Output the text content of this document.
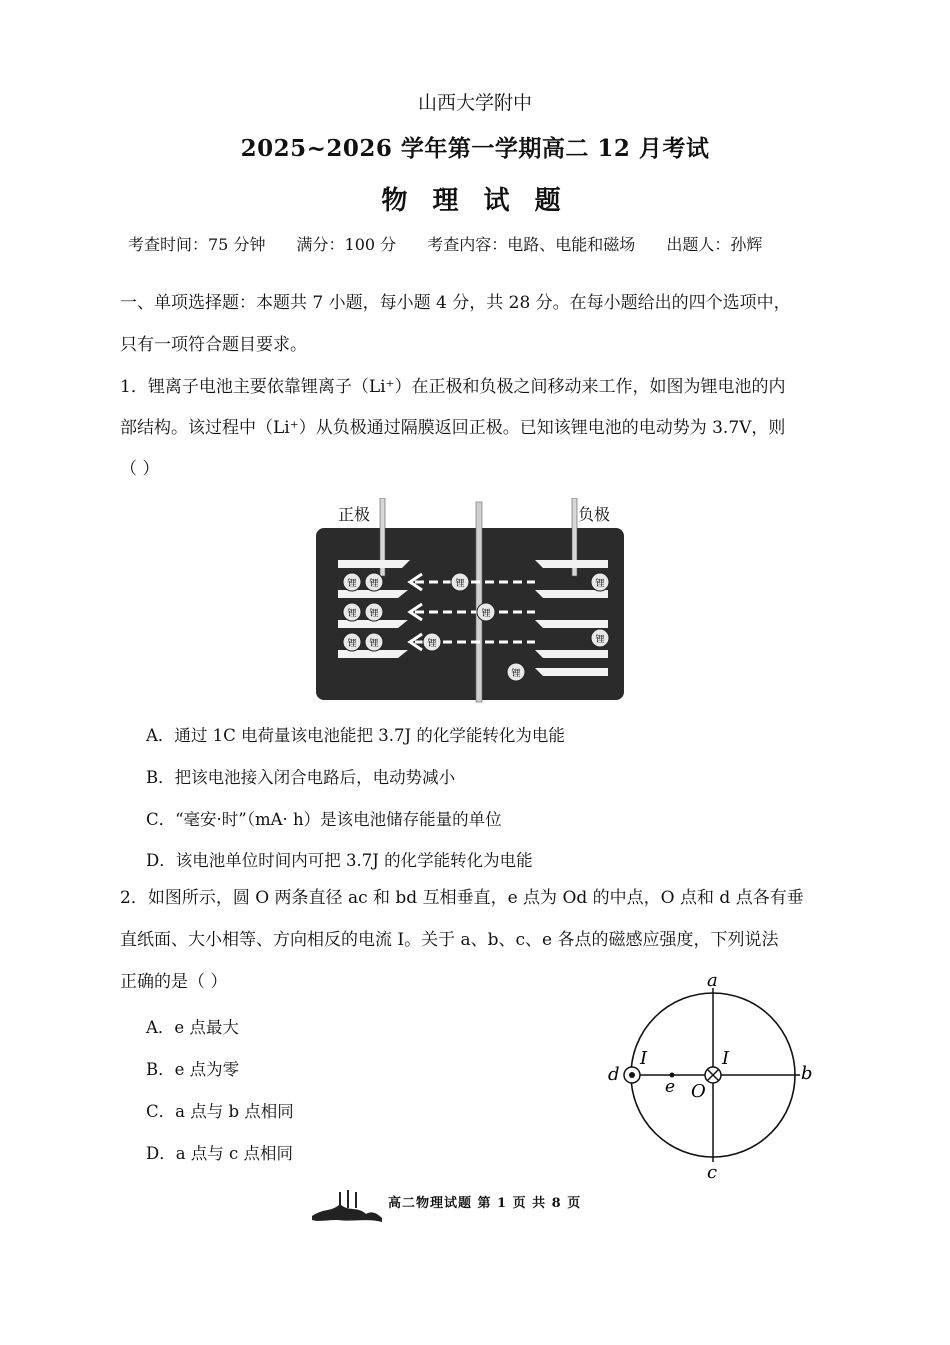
山西大学附中
2025~2026 学年第一学期高二 12 月考试
物 理 试 题
考查时间：75 分钟 满分：100 分 考查内容：电路、电能和磁场 出题人：孙辉
一、单项选择题：本题共 7 小题，每小题 4 分，共 28 分。在每小题给出的四个选项中，
只有一项符合题目要求。
1．锂离子电池主要依靠锂离子（Li⁺）在正极和负极之间移动来工作，如图为锂电池的内
部结构。该过程中（Li⁺）从负极通过隔膜返回正极。已知该锂电池的电动势为 3.7V，则
（ ）
锂 锂
锂 锂
锂 锂
锂
锂
锂
锂
锂
锂
正极	负极
A．通过 1C 电荷量该电池能把 3.7J 的化学能转化为电能
B．把该电池接入闭合电路后，电动势减小
C．“毫安·时”（mA· h）是该电池储存能量的单位
D．该电池单位时间内可把 3.7J 的化学能转化为电能
2．如图所示，圆 O 两条直径 ac 和 bd 互相垂直，e 点为 Od 的中点，O 点和 d 点各有垂
直纸面、大小相等、方向相反的电流 I。关于 a、b、c、e 各点的磁感应强度，下列说法
正确的是（ ）
A．e 点最大
B．e 点为零
C．a 点与 b 点相同
D．a 点与 c 点相同
a
b
c
d
e O
I	I
高二物理试题 第 1 页 共 8 页
